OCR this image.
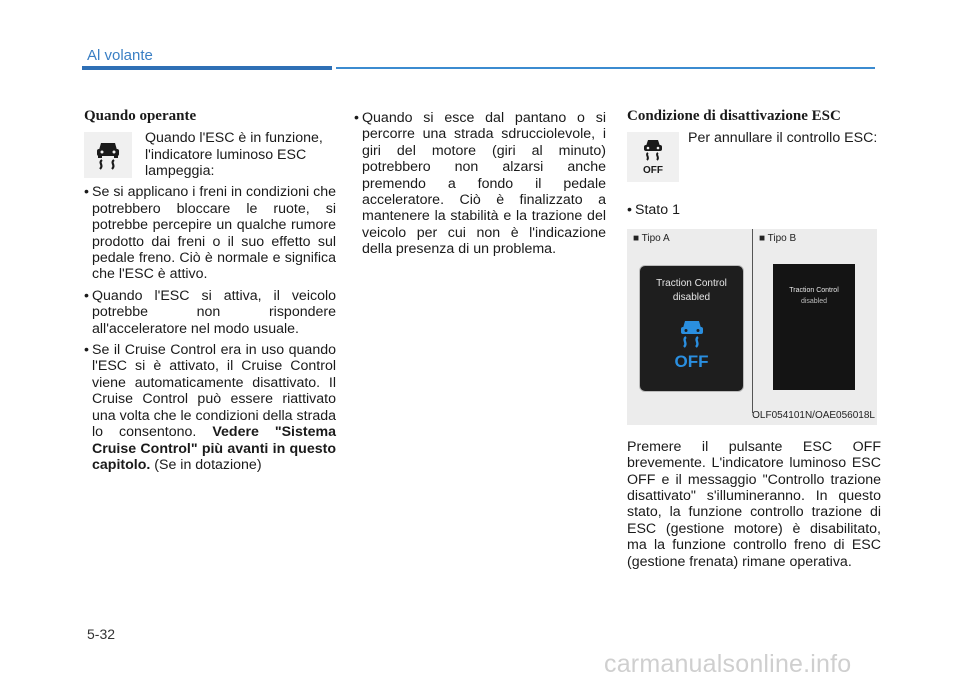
Al volante
Quando operante
Quando l'ESC è in funzione, l'indicatore luminoso ESC lampeggia:
• Se si applicano i freni in condizioni che potrebbero bloccare le ruote, si potrebbe percepire un qualche rumore prodotto dai freni o il suo effetto sul pedale freno. Ciò è normale e significa che l'ESC è attivo.
• Quando l'ESC si attiva, il veicolo potrebbe non rispondere all'acceleratore nel modo usuale.
• Se il Cruise Control era in uso quando l'ESC si è attivato, il Cruise Control viene automaticamente disattivato. Il Cruise Control può essere riattivato una volta che le condizioni della strada lo consentono. Vedere "Sistema Cruise Control" più avanti in questo capitolo. (Se in dotazione)
• Quando si esce dal pantano o si percorre una strada sdrucciolevole, i giri del motore (giri al minuto) potrebbero non alzarsi anche premendo a fondo il pedale acceleratore. Ciò è finalizzato a mantenere la stabilità e la trazione del veicolo per cui non è l'indicazione della presenza di un problema.
Condizione di disattivazione ESC
OFF
Per annullare il controllo ESC:
• Stato 1
■ Tipo A	■ Tipo B
Traction Control
disabled
OFF
Traction Control
disabled
OLF054101N/OAE056018L
Premere il pulsante ESC OFF brevemente. L'indicatore luminoso ESC OFF e il messaggio "Controllo trazione disattivato" s'illumineranno. In questo stato, la funzione controllo trazione di ESC (gestione motore) è disabilitato, ma la funzione controllo freno di ESC (gestione frenata) rimane operativa.
5-32
carmanualsonline.info
